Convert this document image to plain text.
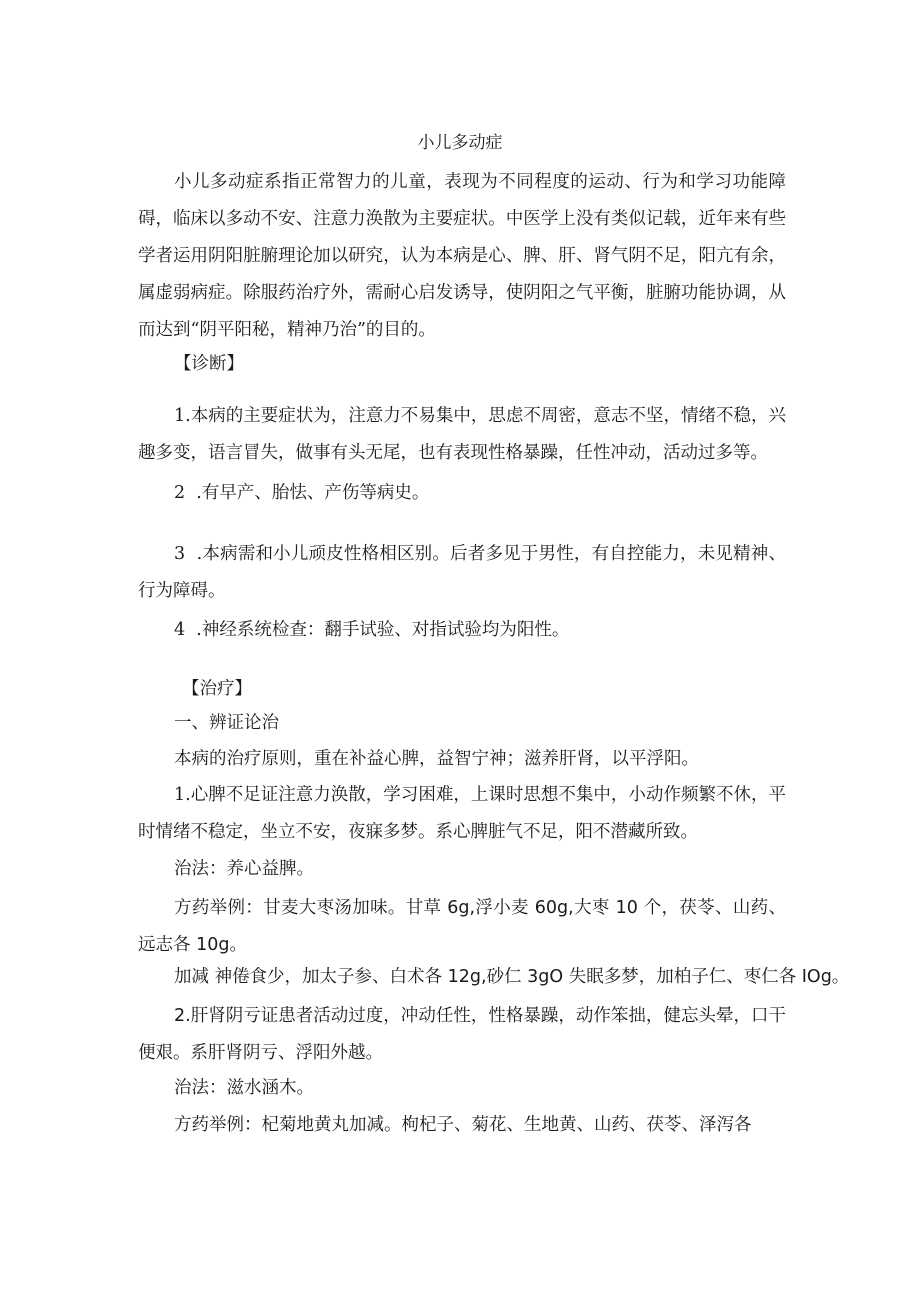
小儿多动症
小儿多动症系指正常智力的儿童，表现为不同程度的运动、行为和学习功能障碍，临床以多动不安、注意力涣散为主要症状。中医学上没有类似记载，近年来有些学者运用阴阳脏腑理论加以研究，认为本病是心、脾、肝、肾气阴不足，阳亢有余，属虚弱病症。除服药治疗外，需耐心启发诱导，使阴阳之气平衡，脏腑功能协调，从而达到“阴平阳秘，精神乃治”的目的。
【诊断】
1.本病的主要症状为，注意力不易集中，思虑不周密，意志不坚，情绪不稳，兴趣多变，语言冒失，做事有头无尾，也有表现性格暴躁，任性冲动，活动过多等。
2  .有早产、胎怯、产伤等病史。
3  .本病需和小儿顽皮性格相区别。后者多见于男性，有自控能力，未见精神、行为障碍。
4  .神经系统检查：翻手试验、对指试验均为阳性。
【治疗】
一、辨证论治
本病的治疗原则，重在补益心脾，益智宁神；滋养肝肾，以平浮阳。
1.心脾不足证注意力涣散，学习困难，上课时思想不集中，小动作频繁不休，平时情绪不稳定，坐立不安，夜寐多梦。系心脾脏气不足，阳不潜藏所致。
治法：养心益脾。
方药举例：甘麦大枣汤加味。甘草 6g,浮小麦 60g,大枣 10 个，茯苓、山药、远志各 10g。
加减 神倦食少，加太子参、白术各 12g,砂仁 3gO 失眠多梦，加柏子仁、枣仁各 IOg。
2.肝肾阴亏证患者活动过度，冲动任性，性格暴躁，动作笨拙，健忘头晕，口干便艰。系肝肾阴亏、浮阳外越。
治法：滋水涵木。
方药举例：杞菊地黄丸加减。枸杞子、菊花、生地黄、山药、茯苓、泽泻各
